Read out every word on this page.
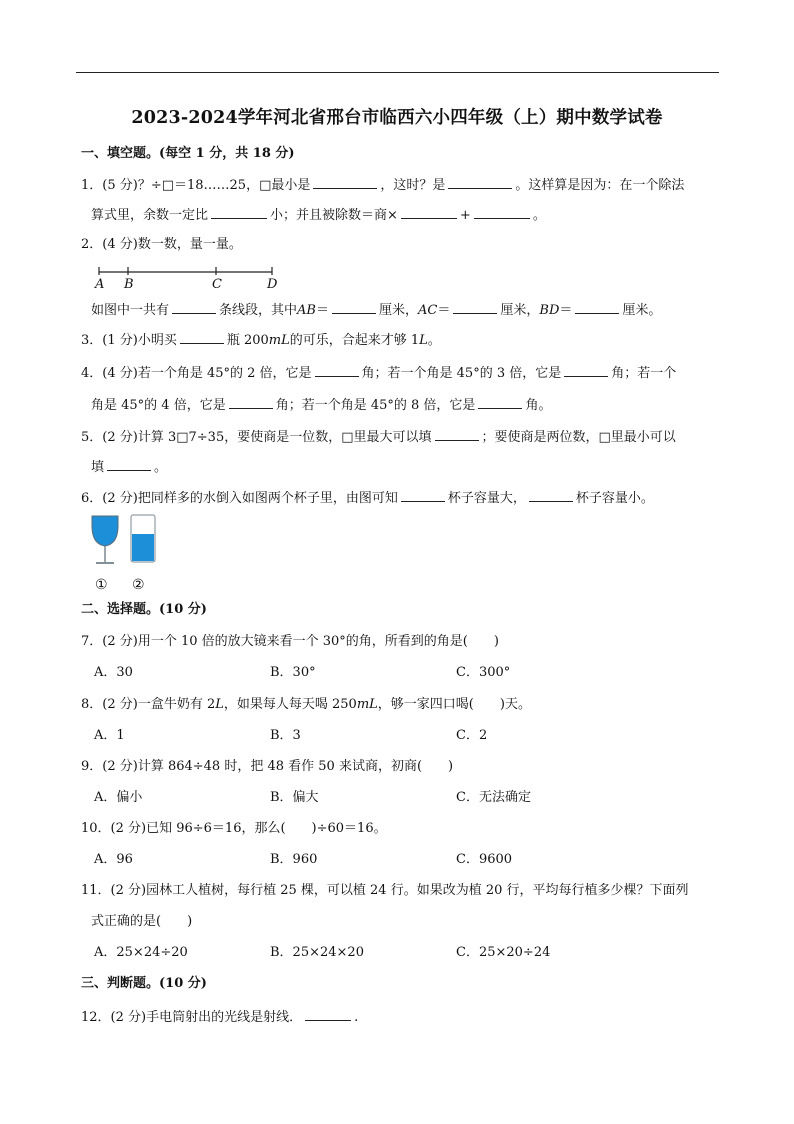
2023-2024学年河北省邢台市临西六小四年级（上）期中数学试卷
一、填空题。(每空 1 分，共 18 分)
1．(5 分)？÷□＝18……25，□最小是	，这时？是	。这样算是因为：在一个除法
算式里，余数一定比	小；并且被除数＝商×	+	。
2．(4 分)数一数，量一量。
A B	C	D
如图中一共有	条线段，其中AB＝	厘米，AC＝	厘米，BD＝	厘米。
3．(1 分)小明买	瓶 200mL的可乐，合起来才够 1L。
4．(4 分)若一个角是 45°的 2 倍，它是	角；若一个角是 45°的 3 倍，它是	角；若一个
角是 45°的 4 倍，它是	角；若一个角是 45°的 8 倍，它是	角。
5．(2 分)计算 3□7÷35，要使商是一位数，□里最大可以填	；要使商是两位数，□里最小可以
填	。
6．(2 分)把同样多的水倒入如图两个杯子里，由图可知	杯子容量大，	杯子容量小。
① ②
二、选择题。(10 分)
7．(2 分)用一个 10 倍的放大镜来看一个 30°的角，所看到的角是(　　)
A．30	B．30°	C．300°
8．(2 分)一盒牛奶有 2L，如果每人每天喝 250mL，够一家四口喝(　　)天。
A．1	B．3	C．2
9．(2 分)计算 864÷48 时，把 48 看作 50 来试商，初商(　　)
A．偏小	B．偏大	C．无法确定
10．(2 分)已知 96÷6＝16，那么(　　)÷60＝16。
A．96	B．960	C．9600
11．(2 分)园林工人植树，每行植 25 棵，可以植 24 行。如果改为植 20 行，平均每行植多少棵？下面列
式正确的是(　　)
A．25×24÷20	B．25×24×20	C．25×20÷24
三、判断题。(10 分)
12．(2 分)手电筒射出的光线是射线．	.
